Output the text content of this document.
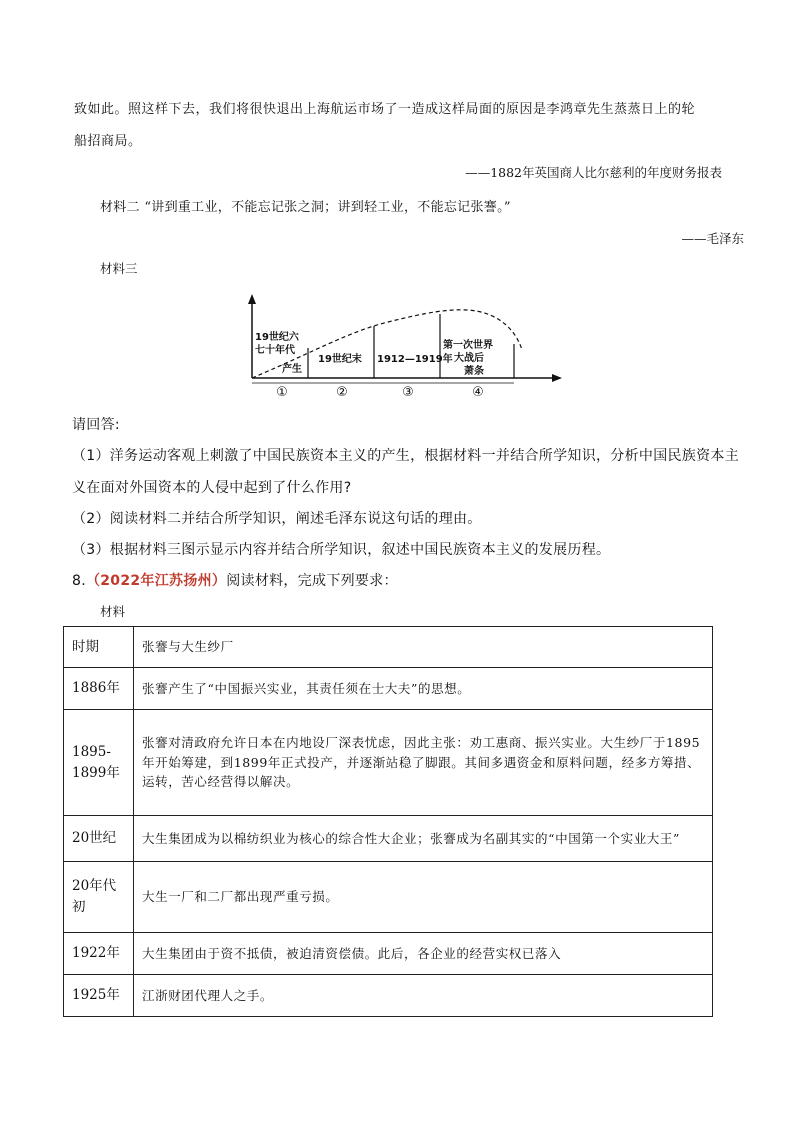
致如此。照这样下去，我们将很快退出上海航运市场了一造成这样局面的原因是李鸿章先生蒸蒸日上的轮
船招商局。
——1882年英国商人比尔慈利的年度财务报表
材料二 “讲到重工业，不能忘记张之洞；讲到轻工业，不能忘记张謇。”
——毛泽东
材料三
19世纪六
七十年代
产生
19世纪末 1912—1919年
第一次世界
大战后
萧条
①	②	③	④
请回答:
（1）洋务运动客观上刺激了中国民族资本主义的产生，根据材料一并结合所学知识，分析中国民族资本主
义在面对外国资本的人侵中起到了什么作用?
（2）阅读材料二并结合所学知识，阐述毛泽东说这句话的理由。
（3）根据材料三图示显示内容并结合所学知识，叙述中国民族资本主义的发展历程。
8.（2022年江苏扬州）阅读材料，完成下列要求：
材料
时期	张謇与大生纱厂
1886年	张謇产生了“中国振兴实业，其责任须在士大夫”的思想。
1895-1899年	张謇对清政府允许日本在内地设厂深表忧虑，因此主张：劝工惠商、振兴实业。大生纱厂于1895年开始筹建，到1899年正式投产，并逐渐站稳了脚跟。其间多遇资金和原料问题，经多方筹措、运转，苦心经营得以解决。
20世纪	大生集团成为以棉纺织业为核心的综合性大企业；张謇成为名副其实的“中国第一个实业大王”
20年代初	大生一厂和二厂都出现严重亏损。
1922年	大生集团由于资不抵债，被迫清资偿债。此后，各企业的经营实权已落入
1925年	江浙财团代理人之手。
